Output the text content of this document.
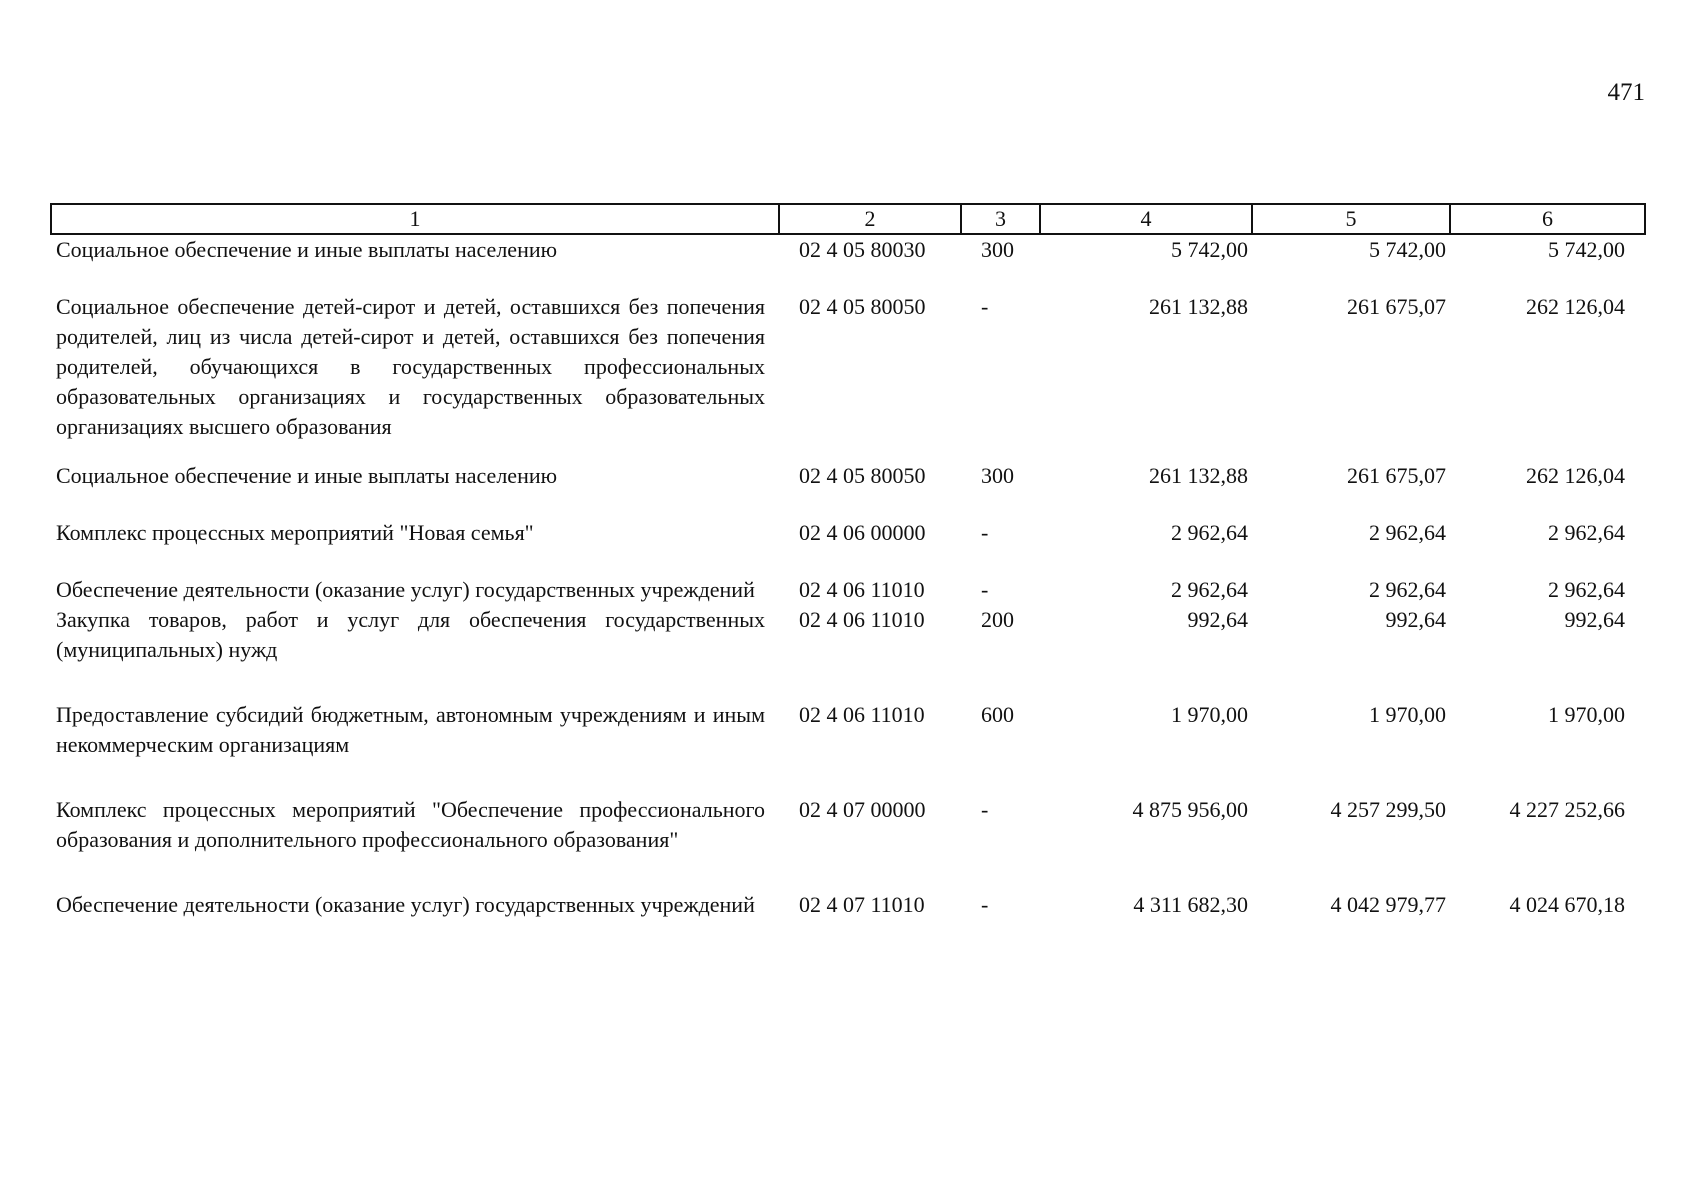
471
1	2	3	4	5	6
Социальное обеспечение и иные выплаты населению	02 4 05 80030	300	5 742,00	5 742,00	5 742,00
Социальное обеспечение детей-сирот и детей, оставшихся без попечения родителей, лиц из числа детей-сирот и детей, оставшихся без попечения родителей, обучающихся в государственных профессиональных образовательных организациях и государственных образовательных организациях высшего образования	02 4 05 80050	-	261 132,88	261 675,07	262 126,04
Социальное обеспечение и иные выплаты населению	02 4 05 80050	300	261 132,88	261 675,07	262 126,04
Комплекс процессных мероприятий "Новая семья"	02 4 06 00000	-	2 962,64	2 962,64	2 962,64
Обеспечение деятельности (оказание услуг) государственных учреждений	02 4 06 11010	-	2 962,64	2 962,64	2 962,64
Закупка товаров, работ и услуг для обеспечения государственных (муниципальных) нужд	02 4 06 11010	200	992,64	992,64	992,64
Предоставление субсидий бюджетным, автономным учреждениям и иным некоммерческим организациям	02 4 06 11010	600	1 970,00	1 970,00	1 970,00
Комплекс процессных мероприятий "Обеспечение профессионального образования и дополнительного профессионального образования"	02 4 07 00000	-	4 875 956,00	4 257 299,50	4 227 252,66
Обеспечение деятельности (оказание услуг) государственных учреждений	02 4 07 11010	-	4 311 682,30	4 042 979,77	4 024 670,18
